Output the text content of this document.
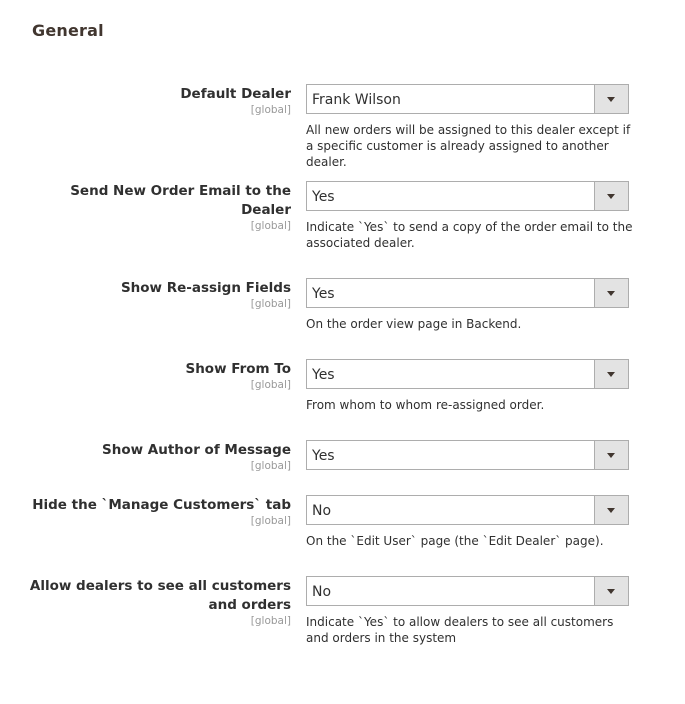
General
Default Dealer
[global]
Frank Wilson
All new orders will be assigned to this dealer except if a specific customer is already assigned to another dealer.
Send New Order Email to the Dealer
[global]
Yes
Indicate `Yes` to send a copy of the order email to the associated dealer.
Show Re-assign Fields
[global]
Yes
On the order view page in Backend.
Show From To
[global]
Yes
From whom to whom re-assigned order.
Show Author of Message
[global]
Yes
Hide the `Manage Customers` tab
[global]
No
On the `Edit User` page (the `Edit Dealer` page).
Allow dealers to see all customers and orders
[global]
No
Indicate `Yes` to allow dealers to see all customers and orders in the system
